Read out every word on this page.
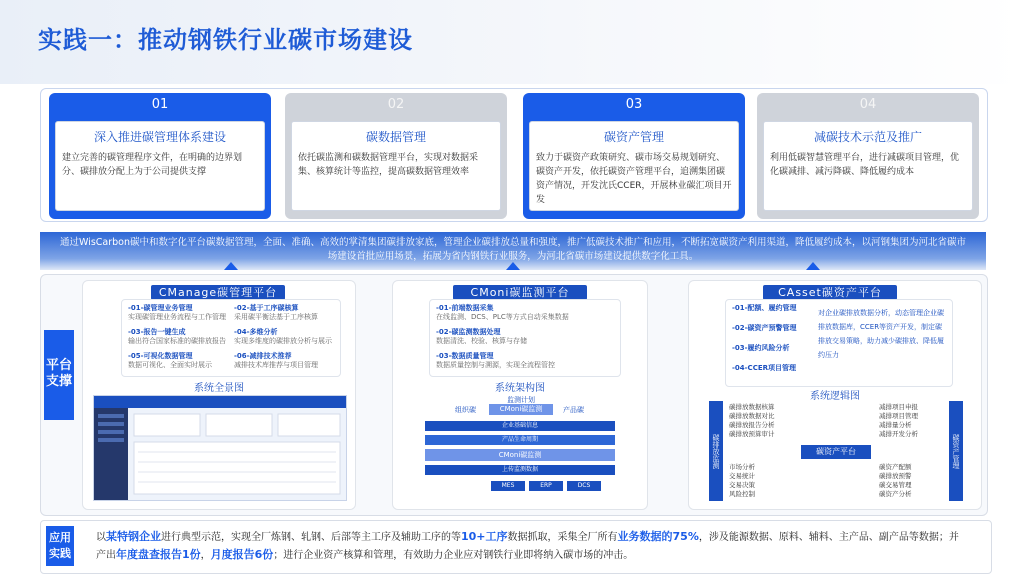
实践一：推动钢铁行业碳市场建设
01
深入推进碳管理体系建设
建立完善的碳管理程序文件，在明确的边界划分、碳排放分配上为于公司提供支撑
02
碳数据管理
依托碳监测和碳数据管理平台，实现对数据采集、核算统计等监控，提高碳数据管理效率
03
碳资产管理
致力于碳资产政策研究、碳市场交易规划研究、碳资产开发，依托碳资产管理平台，追溯集团碳资产情况，开发沈氏CCER，开展林业碳汇项目开发
04
减碳技术示范及推广
利用低碳智慧管理平台，进行减碳项目管理，优化碳减排、减污降碳、降低履约成本
通过WisCarbon碳中和数字化平台碳数据管理，全面、准确、高效的掌清集团碳排放家底，管理企业碳排放总量和强度，推广低碳技术推广和应用，不断拓宽碳资产利用渠道，降低履约成本，以河钢集团为河北省碳市场建设首批应用场景，拓展为省内钢铁行业服务，为河北省碳市场建设提供数字化工具。
平台支撑
CManage碳管理平台
-01-碳管理业务管理
实现碳管理业务流程与工作管理
-02-基于工序碳核算
采用碳平衡法基于工序核算
-03-报告一键生成
输出符合国家标准的碳排放报告
-04-多维分析
实现多维度的碳排放分析与展示
-05-可视化数据管理
数据可视化、全面实时展示
-06-减排技术推荐
减排技术库推荐与项目管理
系统全景图
CMoni碳监测平台
-01-前端数据采集
在线监测、DCS、PLC等方式自动采集数据
-02-碳监测数据处理
数据清洗、校验、核算与存储
-03-数据质量管理
数据质量控制与溯源，实现全流程管控
系统架构图
监测计划
组织碳	CMoni碳监测	产品碳
企业基础信息
产品生命周期
CMoni碳监测
上传监测数据
MES	ERP	DCS
CAsset碳资产平台
-01-配额、履约管理
-02-碳资产预警管理
-03-履约风险分析
-04-CCER项目管理
对企业碳排放数据分析，动态管理企业碳排放数据库，CCER等资产开发，制定碳排放交易策略，助力减少碳排放、降低履约压力
系统逻辑图
碳排放监测	碳资产管理
碳资产平台
碳排放数据核算
碳排放数据对比
碳排放报告分析
碳排放预算审计
减排项目申报
减排项目管理
减排量分析
减排开发分析
市场分析
交易统计
交易决策
风险控制
碳资产配额
碳排放预警
碳交易管理
碳资产分析
应用实践
以某特钢企业进行典型示范，实现全厂炼钢、轧钢、后部等主工序及辅助工序的等10+工序数据抓取，采集全厂所有业务数据的75%，涉及能源数据、原料、辅料、主产品、副产品等数据；并产出年度盘查报告1份，月度报告6份；进行企业资产核算和管理，有效助力企业应对钢铁行业即将纳入碳市场的冲击。
